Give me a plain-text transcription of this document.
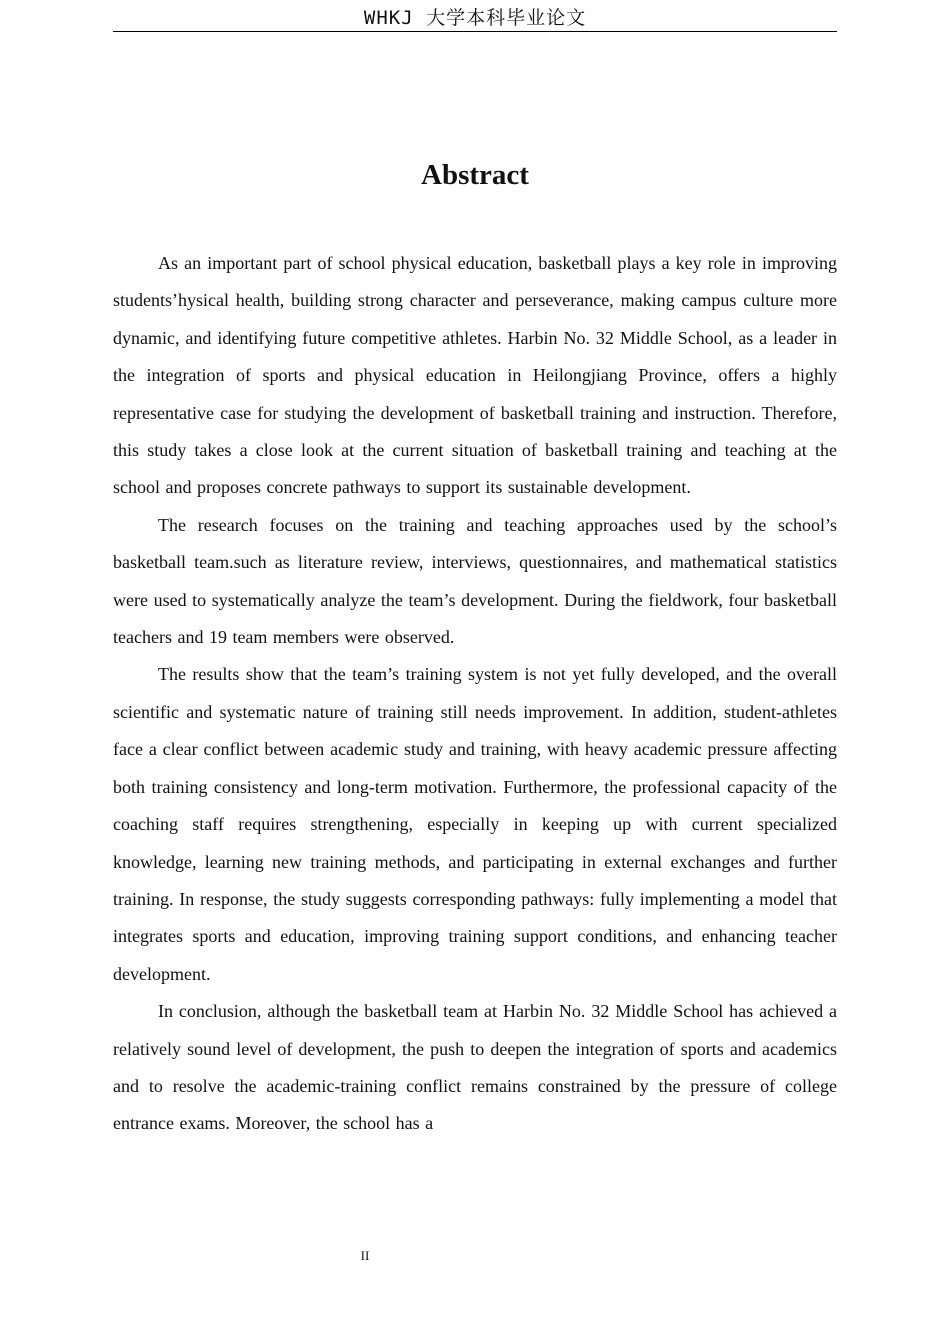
WHKJ 大学本科毕业论文
Abstract

As an important part of school physical education, basketball plays a key role in improving students’hysical health, building strong character and perseverance, making campus culture more dynamic, and identifying future competitive athletes. Harbin No. 32 Middle School, as a leader in the integration of sports and physical education in Heilongjiang Province, offers a highly representative case for studying the development of basketball training and instruction. Therefore, this study takes a close look at the current situation of basketball training and teaching at the school and proposes concrete pathways to support its sustainable development.

The research focuses on the training and teaching approaches used by the school’s basketball team.such as literature review, interviews, questionnaires, and mathematical statistics were used to systematically analyze the team’s development. During the fieldwork, four basketball teachers and 19 team members were observed.

The results show that the team’s training system is not yet fully developed, and the overall scientific and systematic nature of training still needs improvement. In addition, student-athletes face a clear conflict between academic study and training, with heavy academic pressure affecting both training consistency and long-term motivation. Furthermore, the professional capacity of the coaching staff requires strengthening, especially in keeping up with current specialized knowledge, learning new training methods, and participating in external exchanges and further training. In response, the study suggests corresponding pathways: fully implementing a model that integrates sports and education, improving training support conditions, and enhancing teacher development.

In conclusion, although the basketball team at Harbin No. 32 Middle School has achieved a relatively sound level of development, the push to deepen the integration of sports and academics and to resolve the academic-training conflict remains constrained by the pressure of college entrance exams. Moreover, the school has a

II
